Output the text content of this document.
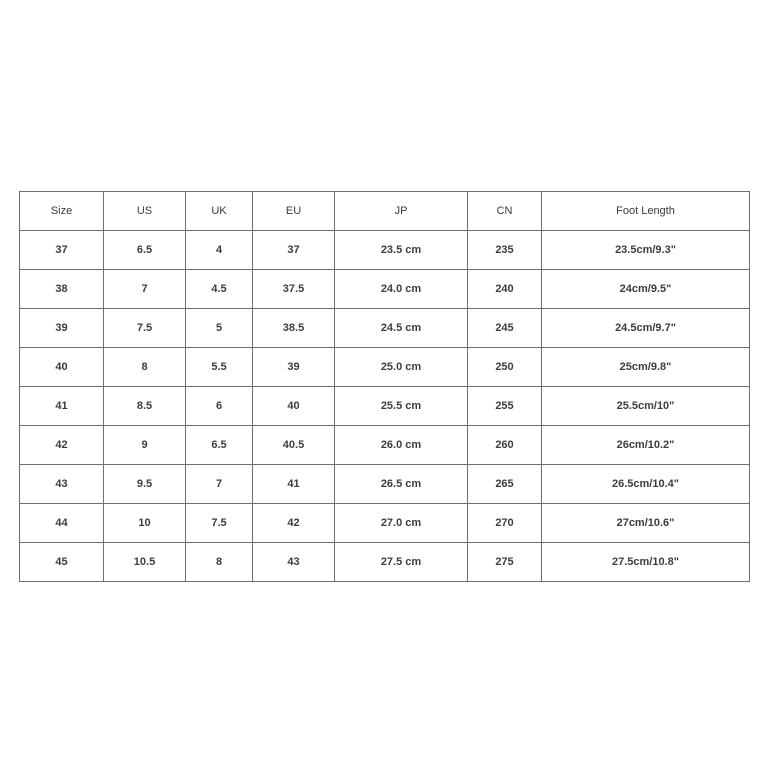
Size	US	UK	EU	JP	CN	Foot Length
37	6.5	4	37	23.5 cm	235	23.5cm/9.3"
38	7	4.5	37.5	24.0 cm	240	24cm/9.5"
39	7.5	5	38.5	24.5 cm	245	24.5cm/9.7"
40	8	5.5	39	25.0 cm	250	25cm/9.8"
41	8.5	6	40	25.5 cm	255	25.5cm/10"
42	9	6.5	40.5	26.0 cm	260	26cm/10.2"
43	9.5	7	41	26.5 cm	265	26.5cm/10.4"
44	10	7.5	42	27.0 cm	270	27cm/10.6"
45	10.5	8	43	27.5 cm	275	27.5cm/10.8"
